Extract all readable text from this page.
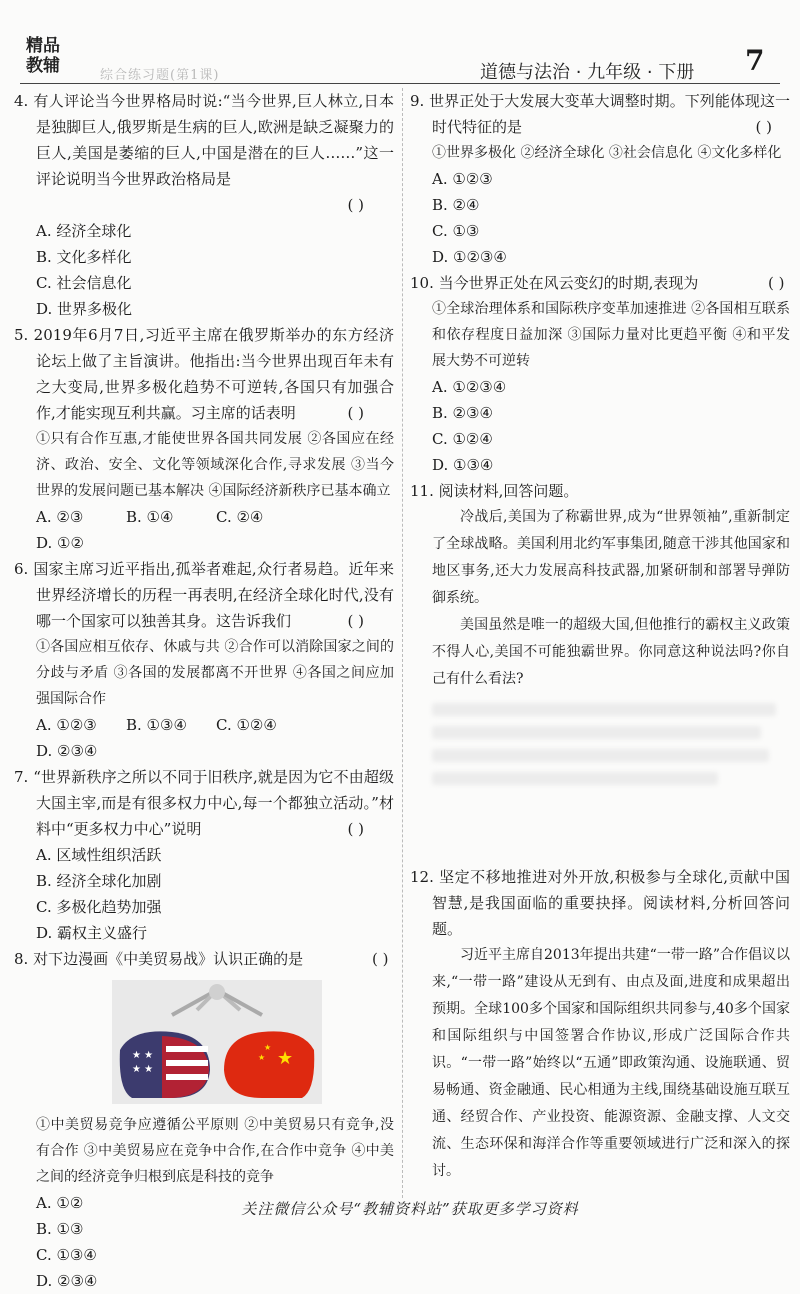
精品
教辅	综合练习题(第1课)	道德与法治 · 九年级 · 下册 7

4. 有人评论当今世界格局时说:“当今世界,巨人林立,日本是独脚巨人,俄罗斯是生病的巨人,欧洲是缺乏凝聚力的巨人,美国是萎缩的巨人,中国是潜在的巨人……”这一评论说明当今世界政治格局是

( )
A. 经济全球化
B. 文化多样化
C. 社会信息化
D. 世界多极化

5. 2019年6月7日,习近平主席在俄罗斯举办的东方经济论坛上做了主旨演讲。他指出:当今世界出现百年未有之大变局,世界多极化趋势不可逆转,各国只有加强合作,才能实现互利共赢。习主席的话表明	( )

①只有合作互惠,才能使世界各国共同发展 ②各国应在经济、政治、安全、文化等领域深化合作,寻求发展 ③当今世界的发展问题已基本解决 ④国际经济新秩序已基本确立

A. ②③	B. ①④	C. ②④
D. ①②

6. 国家主席习近平指出,孤举者难起,众行者易趋。近年来世界经济增长的历程一再表明,在经济全球化时代,没有哪一个国家可以独善其身。这告诉我们	( )

①各国应相互依存、休戚与共 ②合作可以消除国家之间的分歧与矛盾 ③各国的发展都离不开世界 ④各国之间应加强国际合作

A. ①②③	B. ①③④	C. ①②④
D. ②③④

7. “世界新秩序之所以不同于旧秩序,就是因为它不由超级大国主宰,而是有很多权力中心,每一个都独立活动。”材料中“更多权力中心”说明	( )
A. 区域性组织活跃
B. 经济全球化加剧
C. 多极化趋势加强
D. 霸权主义盛行

8. 对下边漫画《中美贸易战》认识正确的是	( )

★ ★
★ ★
★
★
★

①中美贸易竞争应遵循公平原则 ②中美贸易只有竞争,没有合作 ③中美贸易应在竞争中合作,在合作中竞争 ④中美之间的经济竞争归根到底是科技的竞争

A. ①②
B. ①③
C. ①③④
D. ②③④

9. 世界正处于大发展大变革大调整时期。下列能体现这一时代特征的是	( )

①世界多极化 ②经济全球化 ③社会信息化 ④文化多样化

A. ①②③
B. ②④
C. ①③
D. ①②③④

10. 当今世界正处在风云变幻的时期,表现为	( )

①全球治理体系和国际秩序变革加速推进 ②各国相互联系和依存程度日益加深 ③国际力量对比更趋平衡 ④和平发展大势不可逆转

A. ①②③④
B. ②③④
C. ①②④
D. ①③④

11. 阅读材料,回答问题。

冷战后,美国为了称霸世界,成为“世界领袖”,重新制定了全球战略。美国利用北约军事集团,随意干涉其他国家和地区事务,还大力发展高科技武器,加紧研制和部署导弹防御系统。

美国虽然是唯一的超级大国,但他推行的霸权主义政策不得人心,美国不可能独霸世界。你同意这种说法吗?你自己有什么看法?

12. 坚定不移地推进对外开放,积极参与全球化,贡献中国智慧,是我国面临的重要抉择。阅读材料,分析回答问题。

习近平主席自2013年提出共建“一带一路”合作倡议以来,“一带一路”建设从无到有、由点及面,进度和成果超出预期。全球100多个国家和国际组织共同参与,40多个国家和国际组织与中国签署合作协议,形成广泛国际合作共识。“一带一路”始终以“五通”即政策沟通、设施联通、贸易畅通、资金融通、民心相通为主线,围绕基础设施互联互通、经贸合作、产业投资、能源资源、金融支撑、人文交流、生态环保和海洋合作等重要领域进行广泛和深入的探讨。

关注微信公众号“教辅资料站”获取更多学习资料
